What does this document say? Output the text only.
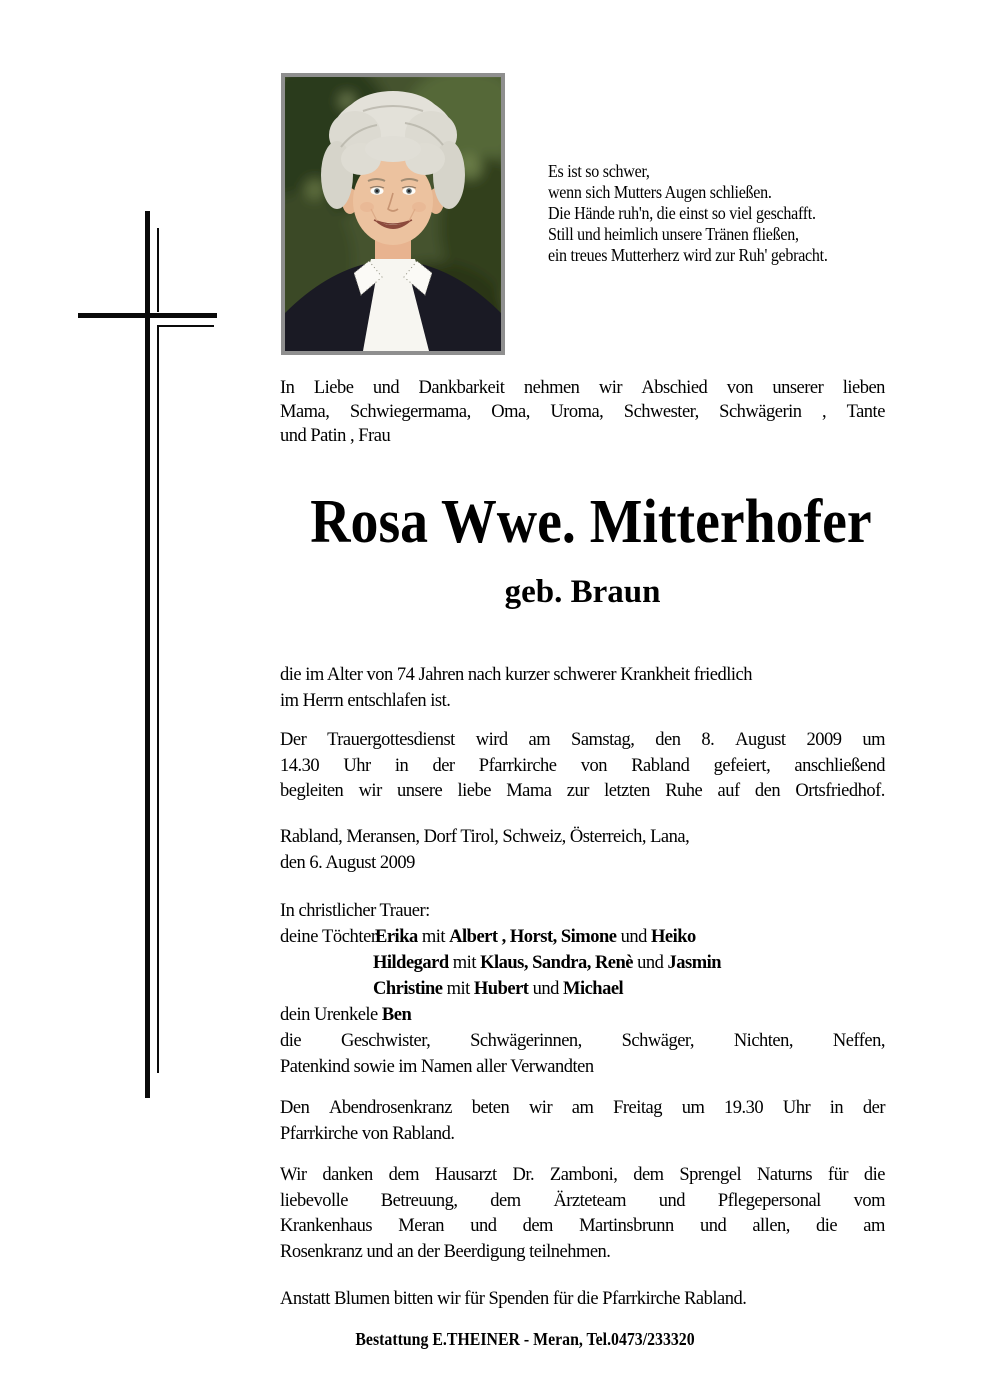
Es ist so schwer,
wenn sich Mutters Augen schließen.
Die Hände ruh'n, die einst so viel geschafft.
Still und heimlich unsere Tränen fließen,
ein treues Mutterherz wird zur Ruh' gebracht.
Rosa Wwe. Mitterhofer
geb. Braun
In Liebe und Dankbarkeit nehmen wir Abschied von unserer lieben
Mama, Schwiegermama, Oma, Uroma, Schwester, Schwägerin , Tante
und Patin , Frau
die im Alter von 74 Jahren nach kurzer schwerer Krankheit friedlich
im Herrn entschlafen ist.
Der Trauergottesdienst wird am Samstag, den 8. August 2009 um
14.30 Uhr in der Pfarrkirche von Rabland gefeiert, anschließend
begleiten wir unsere liebe Mama zur letzten Ruhe auf den Ortsfriedhof.
Rabland, Meransen, Dorf Tirol, Schweiz, Österreich, Lana,
den 6. August 2009
In christlicher Trauer:
deine TöchterErika mit Albert , Horst, Simone und Heiko
Hildegard mit Klaus, Sandra, Renè und Jasmin
Christine mit Hubert und Michael
dein Urenkele Ben
die Geschwister, Schwägerinnen, Schwäger, Nichten, Neffen,
Patenkind sowie im Namen aller Verwandten
Den Abendrosenkranz beten wir am Freitag um 19.30 Uhr in der
Pfarrkirche von Rabland.
Wir danken dem Hausarzt Dr. Zamboni, dem Sprengel Naturns für die
liebevolle Betreuung, dem Ärzteteam und Pflegepersonal vom
Krankenhaus Meran und dem Martinsbrunn und allen, die am
Rosenkranz und an der Beerdigung teilnehmen.
Anstatt Blumen bitten wir für Spenden für die Pfarrkirche Rabland.
Bestattung E.THEINER - Meran, Tel.0473/233320
